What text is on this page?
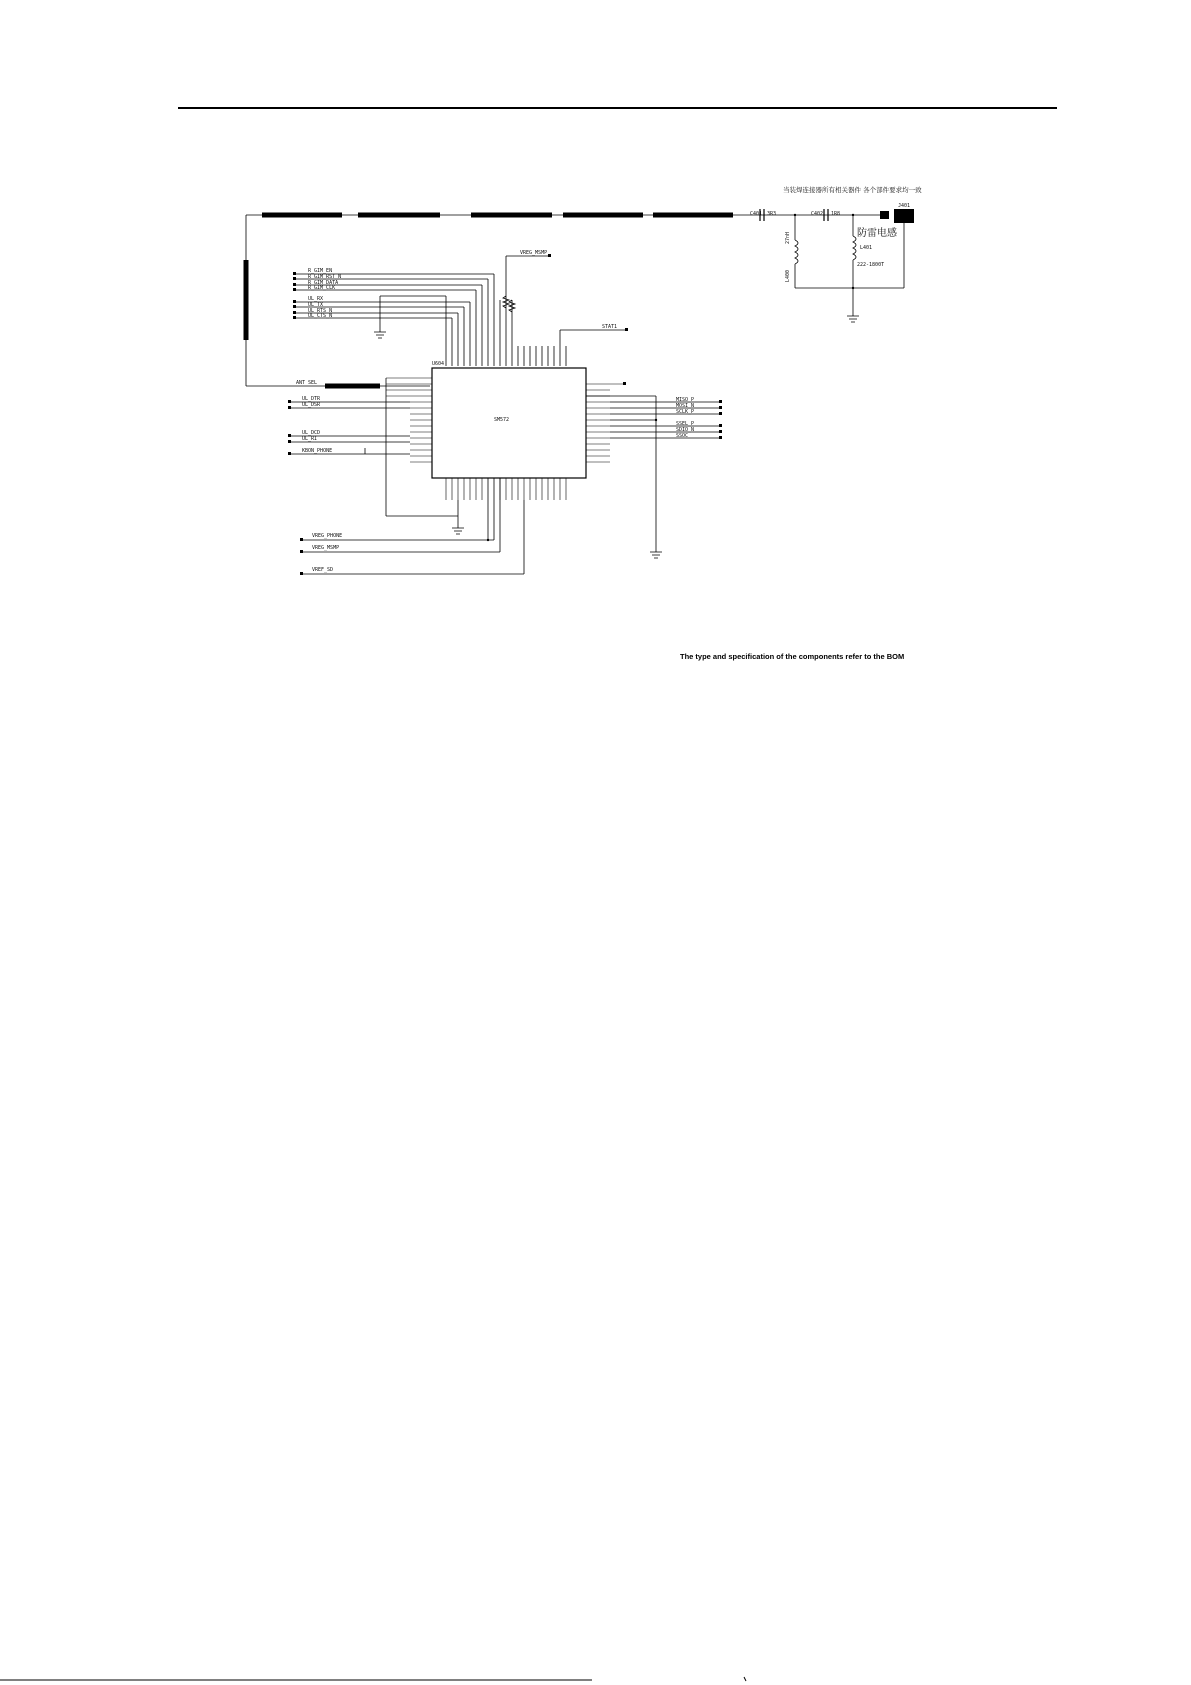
当装焊连接器所有相关器件 各个部件要求均一致
ANT SEL
C401 3R3	C402 1R8
J401
27nH
L400
防雷电感
L401
222-1800T
R_GIM_EN
R_GIM_RST_N
R_GIM_DATA
R_GIM_CLK
UL_RX
UL_TX
UL_RTS_N
UL_CTS_N
VREG_MSMP
STAT1
U604
SM572
UL_DTR
UL_DSR
UL_DCD
UL_RI
KBON_PHONE
MISO_P
MOSI_N
SCLK_P
SSEL_P
SDIO_N
SSOC
VREG_PHONE
VREG_MSMP
VREF_SD
The type and specification of the components refer to the BOM
